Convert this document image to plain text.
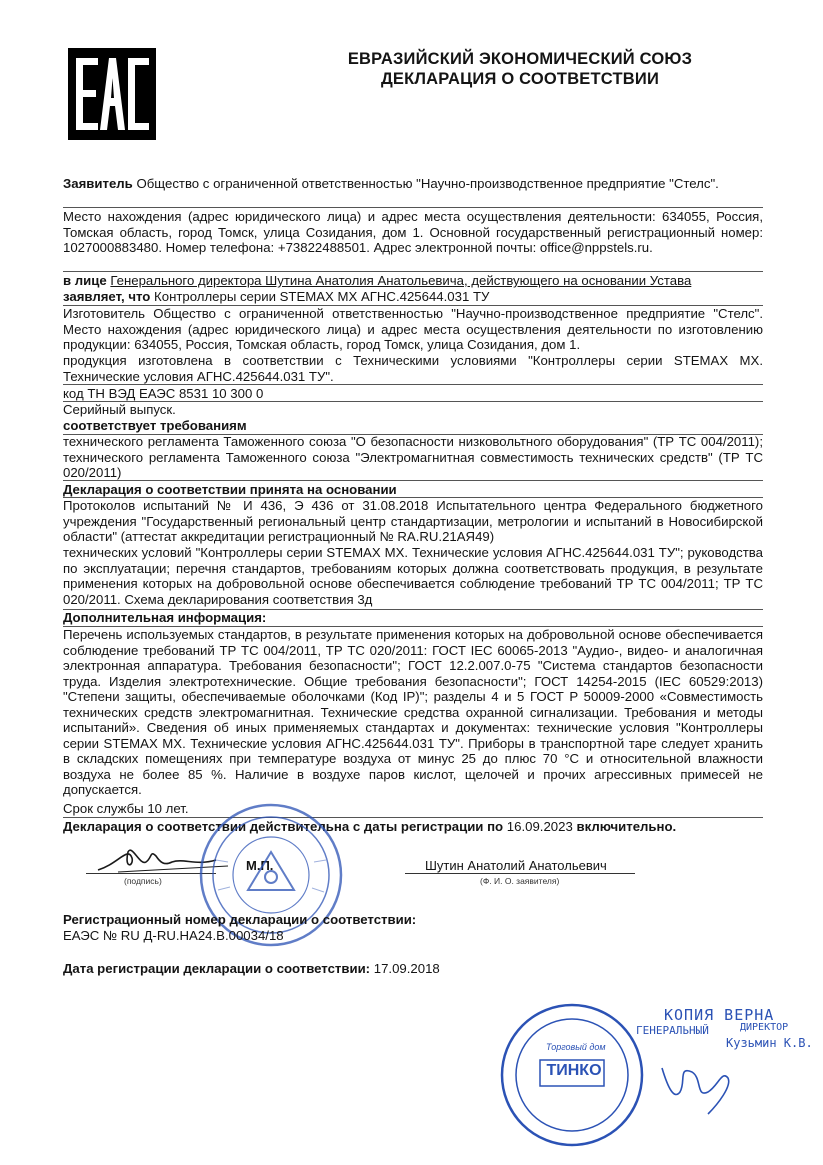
ЕВРАЗИЙСКИЙ ЭКОНОМИЧЕСКИЙ СОЮЗ
ДЕКЛАРАЦИЯ О СООТВЕТСТВИИ
Заявитель Общество с ограниченной ответственностью "Научно-производственное предприятие "Стелс".
Место нахождения (адрес юридического лица) и адрес места осуществления деятельности: 634055, Россия, Томская область, город Томск, улица Созидания, дом 1. Основной государственный регистрационный номер: 1027000883480. Номер телефона: +73822488501. Адрес электронной почты: office@nppstels.ru.
в лице Генерального директора Шутина Анатолия Анатольевича, действующего на основании Устава
заявляет, что Контроллеры серии STEMAX MX АГНС.425644.031 ТУ
Изготовитель Общество с ограниченной ответственностью "Научно-производственное предприятие "Стелс". Место нахождения (адрес юридического лица) и адрес места осуществления деятельности по изготовлению продукции: 634055, Россия, Томская область, город Томск, улица Созидания, дом 1.
продукция изготовлена в соответствии с Техническими условиями "Контроллеры серии STEMAX MX. Технические условия АГНС.425644.031 ТУ".
код ТН ВЭД ЕАЭС 8531 10 300 0
Серийный выпуск.
соответствует требованиям
технического регламента Таможенного союза "О безопасности низковольтного оборудования" (ТР ТС 004/2011); технического регламента Таможенного союза "Электромагнитная совместимость технических средств" (ТР ТС 020/2011)
Декларация о соответствии принята на основании
Протоколов испытаний № И 436, Э 436 от 31.08.2018 Испытательного центра Федерального бюджетного учреждения "Государственный региональный центр стандартизации, метрологии и испытаний в Новосибирской области" (аттестат аккредитации регистрационный № RA.RU.21АЯ49)
технических условий "Контроллеры серии STEMAX MX. Технические условия АГНС.425644.031 ТУ"; руководства по эксплуатации; перечня стандартов, требованиям которых должна соответствовать продукция, в результате применения которых на добровольной основе обеспечивается соблюдение требований ТР ТС 004/2011; ТР ТС 020/2011. Схема декларирования соответствия 3д
Дополнительная информация:
Перечень используемых стандартов, в результате применения которых на добровольной основе обеспечивается соблюдение требований ТР ТС 004/2011, ТР ТС 020/2011: ГОСТ IEC 60065-2013 "Аудио-, видео- и аналогичная электронная аппаратура. Требования безопасности"; ГОСТ 12.2.007.0-75 "Система стандартов безопасности труда. Изделия электротехнические. Общие требования безопасности"; ГОСТ 14254-2015 (IEC 60529:2013) "Степени защиты, обеспечиваемые оболочками (Код IP)"; разделы 4 и 5 ГОСТ Р 50009-2000 «Совместимость технических средств электромагнитная. Технические средства охранной сигнализации. Требования и методы испытаний». Сведения об иных применяемых стандартах и документах: технические условия "Контроллеры серии STEMAX MX. Технические условия АГНС.425644.031 ТУ". Приборы в транспортной таре следует хранить в складских помещениях при температуре воздуха от минус 25 до плюс 70 °С и относительной влажности воздуха не более 85 %. Наличие в воздухе паров кислот, щелочей и прочих агрессивных примесей не допускается.
Срок службы 10 лет.
Декларация о соответствии действительна с даты регистрации по 16.09.2023 включительно.
М.П.
(подпись)
Шутин Анатолий Анатольевич
(Ф. И. О. заявителя)
Регистрационный номер декларации о соответствии:
ЕАЭС № RU Д-RU.НА24.В.00034/18
Дата регистрации декларации о соответствии: 17.09.2018
КОПИЯ ВЕРНА
ГЕНЕРАЛЬНЫЙ	ДИРЕКТОР
Кузьмин К.В.
Торговый дом
ТИНКО
